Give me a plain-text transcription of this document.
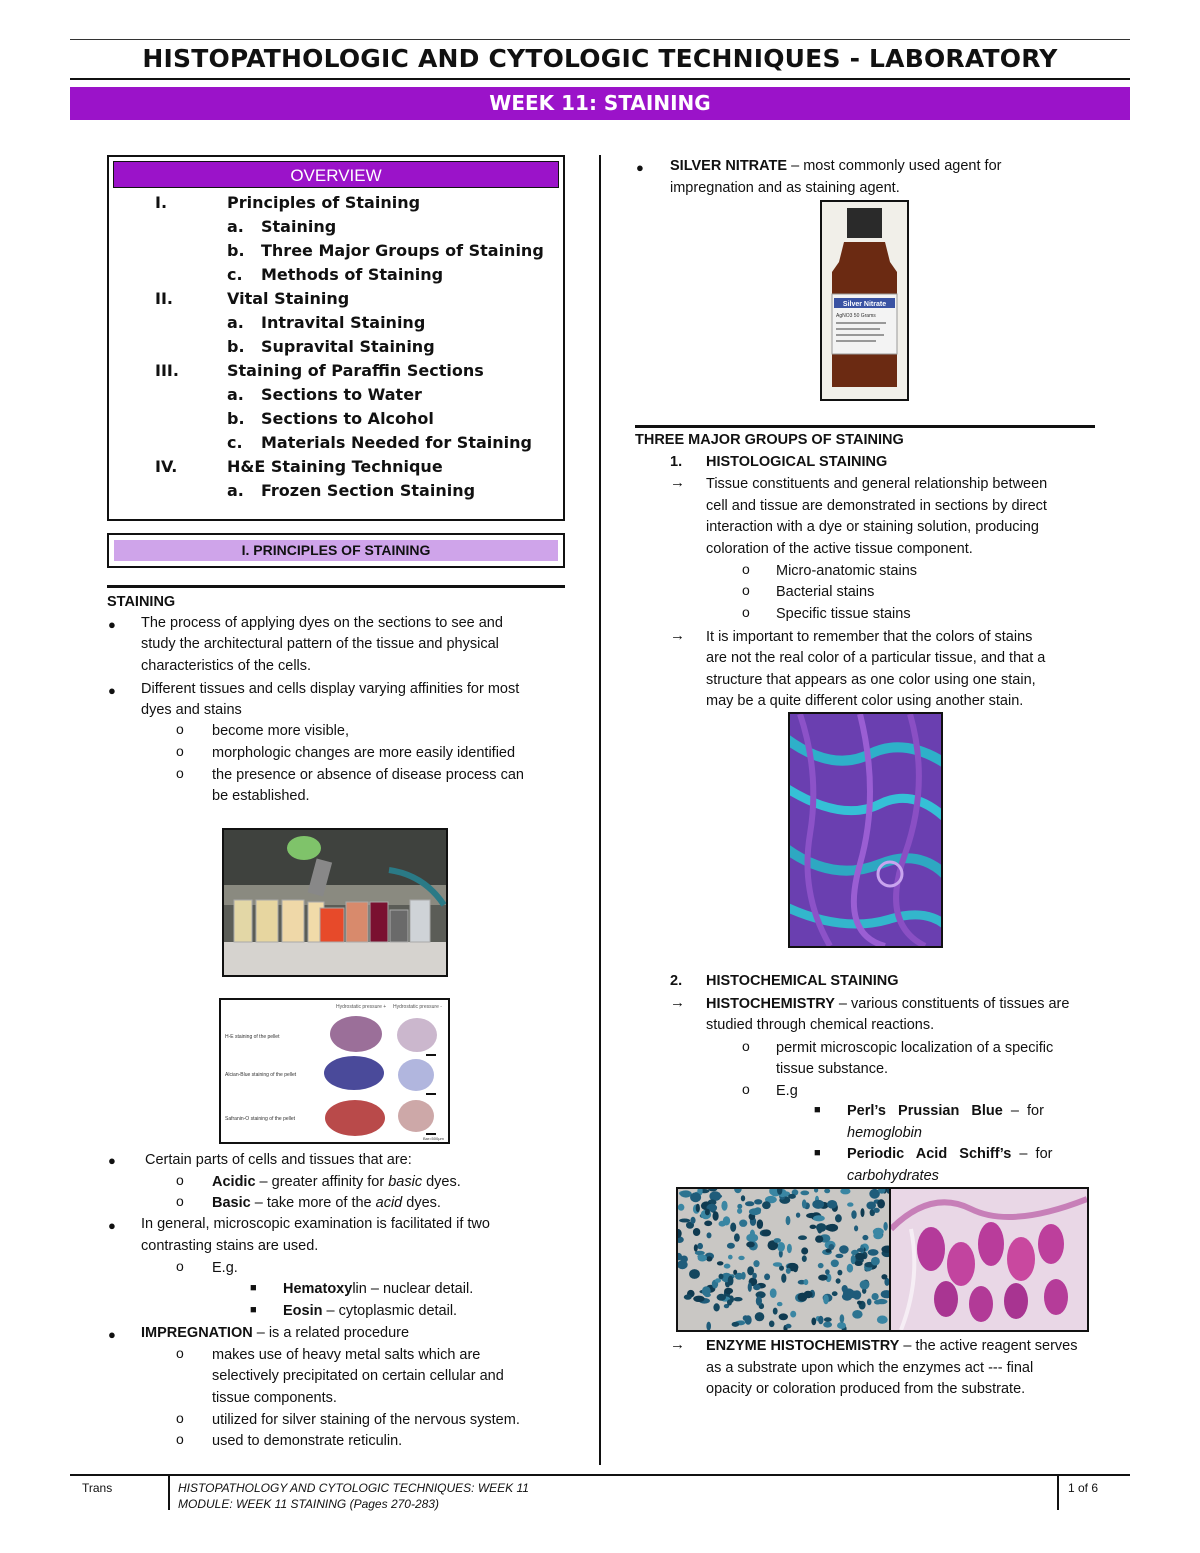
HISTOPATHOLOGIC AND CYTOLOGIC TECHNIQUES - LABORATORY
WEEK 11: STAINING
OVERVIEW
I.	Principles of Staining
a. Staining
b. Three Major Groups of Staining
c. Methods of Staining
II.	Vital Staining
a. Intravital Staining
b. Supravital Staining
III.	Staining of Paraffin Sections
a. Sections to Water
b. Sections to Alcohol
c. Materials Needed for Staining
IV.	H&E Staining Technique
a. Frozen Section Staining
I. PRINCIPLES OF STAINING
STAINING
● The process of applying dyes on the sections to see and
study the architectural pattern of the tissue and physical
characteristics of the cells.
● Different tissues and cells display varying affinities for most
dyes and stains
o become more visible,
o morphologic changes are more easily identified
o the presence or absence of disease process can
be established.
Hydrostatic pressure + Hydrostatic pressure -
H-E staining of the pellet
Alcian-Blue staining of the pellet
Safranin-O staining of the pellet
Bar=500μm
● Certain parts of cells and tissues that are:
o Acidic – greater affinity for basic dyes.
o Basic – take more of the acid dyes.
● In general, microscopic examination is facilitated if two
contrasting stains are used.
o E.g.
■ Hematoxylin – nuclear detail.
■ Eosin – cytoplasmic detail.
● IMPREGNATION – is a related procedure
o makes use of heavy metal salts which are
selectively precipitated on certain cellular and
tissue components.
o utilized for silver staining of the nervous system.
o used to demonstrate reticulin.
● SILVER NITRATE – most commonly used agent for
impregnation and as staining agent.
Silver Nitrate
AgNO3 50 Grams
THREE MAJOR GROUPS OF STAINING
1. HISTOLOGICAL STAINING
→ Tissue constituents and general relationship between
cell and tissue are demonstrated in sections by direct
interaction with a dye or staining solution, producing
coloration of the active tissue component.
o Micro-anatomic stains
o Bacterial stains
o Specific tissue stains
→ It is important to remember that the colors of stains
are not the real color of a particular tissue, and that a
structure that appears as one color using one stain,
may be a quite different color using another stain.
2. HISTOCHEMICAL STAINING
→ HISTOCHEMISTRY – various constituents of tissues are
studied through chemical reactions.
o permit microscopic localization of a specific
tissue substance.
o E.g
■ Perl’s   Prussian   Blue  –  for
hemoglobin
■ Periodic   Acid   Schiff’s  –  for
carbohydrates
→ ENZYME HISTOCHEMISTRY – the active reagent serves
as a substrate upon which the enzymes act --- final
opacity or coloration produced from the substrate.
Trans	HISTOPATHOLOGY AND CYTOLOGIC TECHNIQUES: WEEK 11
MODULE: WEEK 11 STAINING (Pages 270-283)
1 of 6
